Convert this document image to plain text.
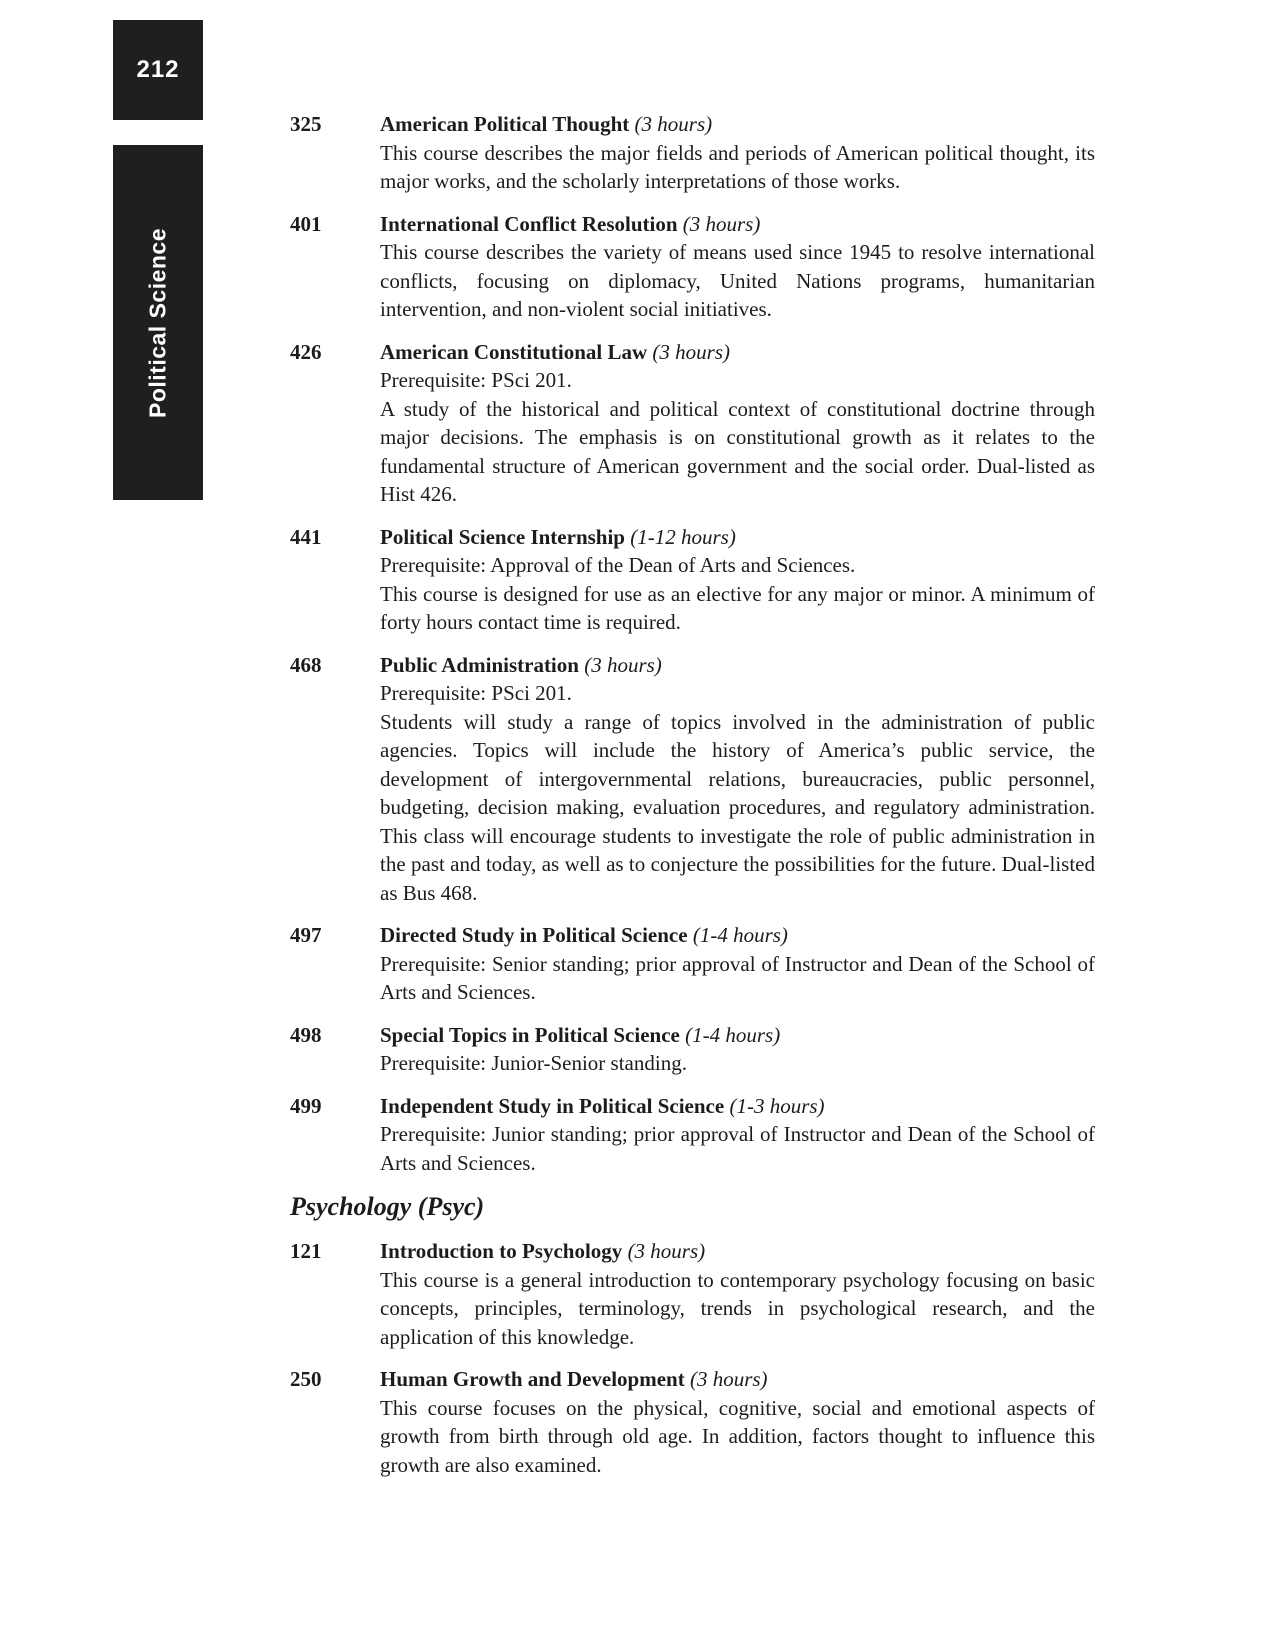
212
Political Science
325	American Political Thought (3 hours)

This course describes the major fields and periods of American political thought, its major works, and the scholarly interpretations of those works.

401	International Conflict Resolution (3 hours)

This course describes the variety of means used since 1945 to resolve international conflicts, focusing on diplomacy, United Nations programs, humanitarian intervention, and non-violent social initiatives.

426	American Constitutional Law (3 hours)

Prerequisite: PSci 201.

A study of the historical and political context of constitutional doctrine through major decisions. The emphasis is on constitutional growth as it relates to the fundamental structure of American government and the social order. Dual-listed as Hist 426.

441	Political Science Internship (1-12 hours)

Prerequisite: Approval of the Dean of Arts and Sciences.

This course is designed for use as an elective for any major or minor. A minimum of forty hours contact time is required.

468	Public Administration (3 hours)

Prerequisite: PSci 201.

Students will study a range of topics involved in the administration of public agencies. Topics will include the history of America’s public service, the development of intergovernmental relations, bureaucracies, public personnel, budgeting, decision making, evaluation procedures, and regulatory administration. This class will encourage students to investigate the role of public administration in the past and today, as well as to conjecture the possibilities for the future. Dual-listed as Bus 468.

497	Directed Study in Political Science (1-4 hours)

Prerequisite: Senior standing; prior approval of Instructor and Dean of the School of Arts and Sciences.

498	Special Topics in Political Science (1-4 hours)

Prerequisite: Junior-Senior standing.

499	Independent Study in Political Science (1-3 hours)

Prerequisite: Junior standing; prior approval of Instructor and Dean of the School of Arts and Sciences.

Psychology (Psyc)
121	Introduction to Psychology (3 hours)

This course is a general introduction to contemporary psychology focusing on basic concepts, principles, terminology, trends in psychological research, and the application of this knowledge.

250	Human Growth and Development (3 hours)

This course focuses on the physical, cognitive, social and emotional aspects of growth from birth through old age. In addition, factors thought to influence this growth are also examined.
